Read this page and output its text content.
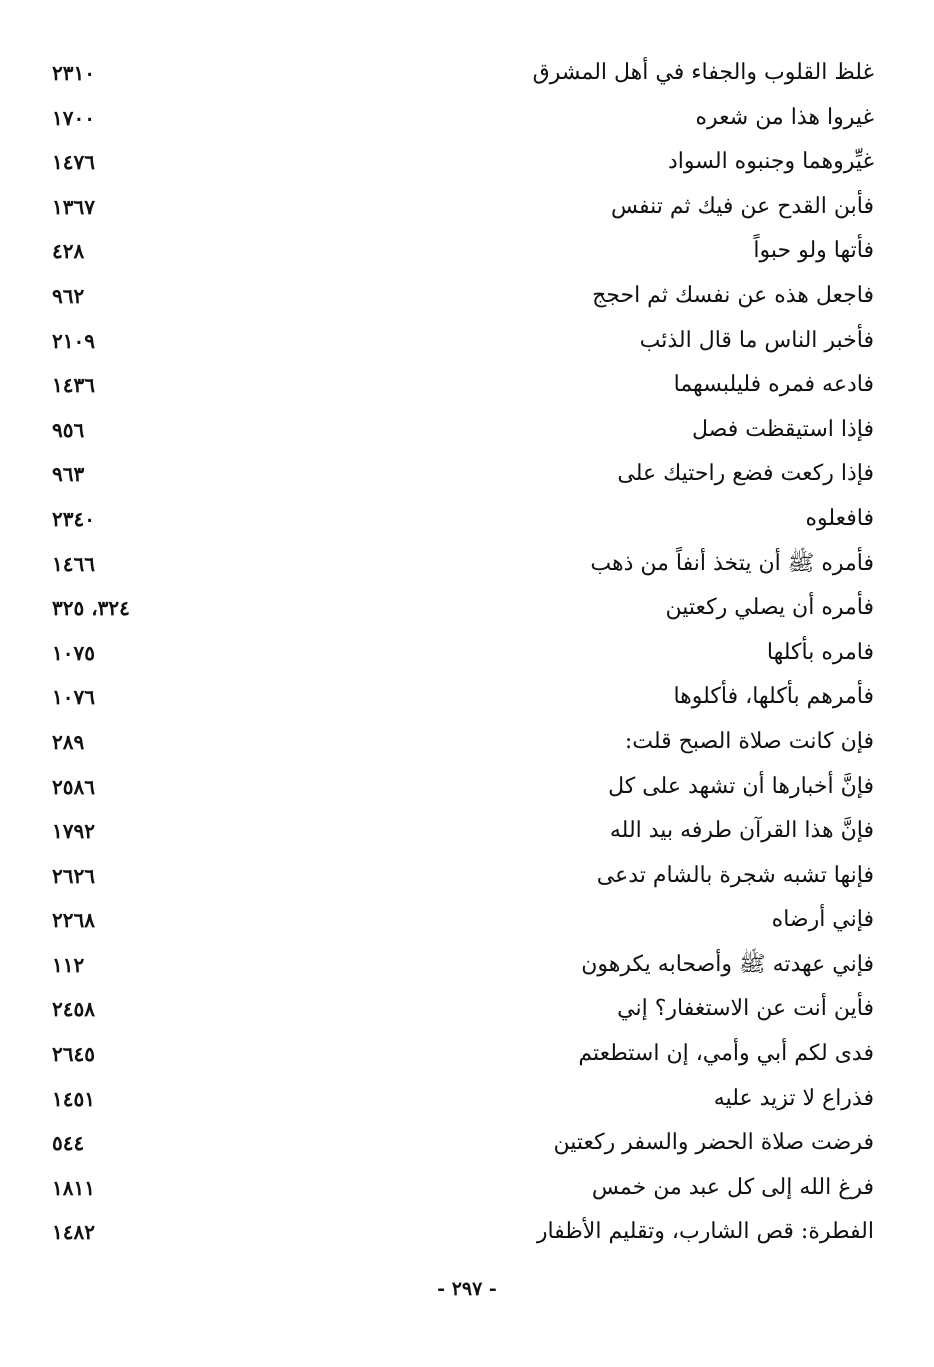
غلظ القلوب والجفاء في أهل المشرق
٢٣١٠
غيروا هذا من شعره
١٧٠٠
غيِّروهما وجنبوه السواد
١٤٧٦
فأبن القدح عن فيك ثم تنفس
١٣٦٧
فأتها ولو حبواً
٤٢٨
فاجعل هذه عن نفسك ثم احجج
٩٦٢
فأخبر الناس ما قال الذئب
٢١٠٩
فادعه فمره فليلبسهما
١٤٣٦
فإذا استيقظت فصل
٩٥٦
فإذا ركعت فضع راحتيك على
٩٦٣
فافعلوه
٢٣٤٠
فأمره ﷺ أن يتخذ أنفاً من ذهب
١٤٦٦
فأمره أن يصلي ركعتين
٣٢٤، ٣٢٥
فامره بأكلها
١٠٧٥
فأمرهم بأكلها، فأكلوها
١٠٧٦
فإن كانت صلاة الصبح قلت:
٢٨٩
فإنَّ أخبارها أن تشهد على كل
٢٥٨٦
فإنَّ هذا القرآن طرفه بيد الله
١٧٩٢
فإنها تشبه شجرة بالشام تدعى
٢٦٢٦
فإني أرضاه
٢٢٦٨
فإني عهدته ﷺ وأصحابه يكرهون
١١٢
فأين أنت عن الاستغفار؟ إني
٢٤٥٨
فدى لكم أبي وأمي، إن استطعتم
٢٦٤٥
فذراع لا تزيد عليه
١٤٥١
فرضت صلاة الحضر والسفر ركعتين
٥٤٤
فرغ الله إلى كل عبد من خمس
١٨١١
الفطرة: قص الشارب، وتقليم الأظفار
١٤٨٢
- ٢٩٧ -
